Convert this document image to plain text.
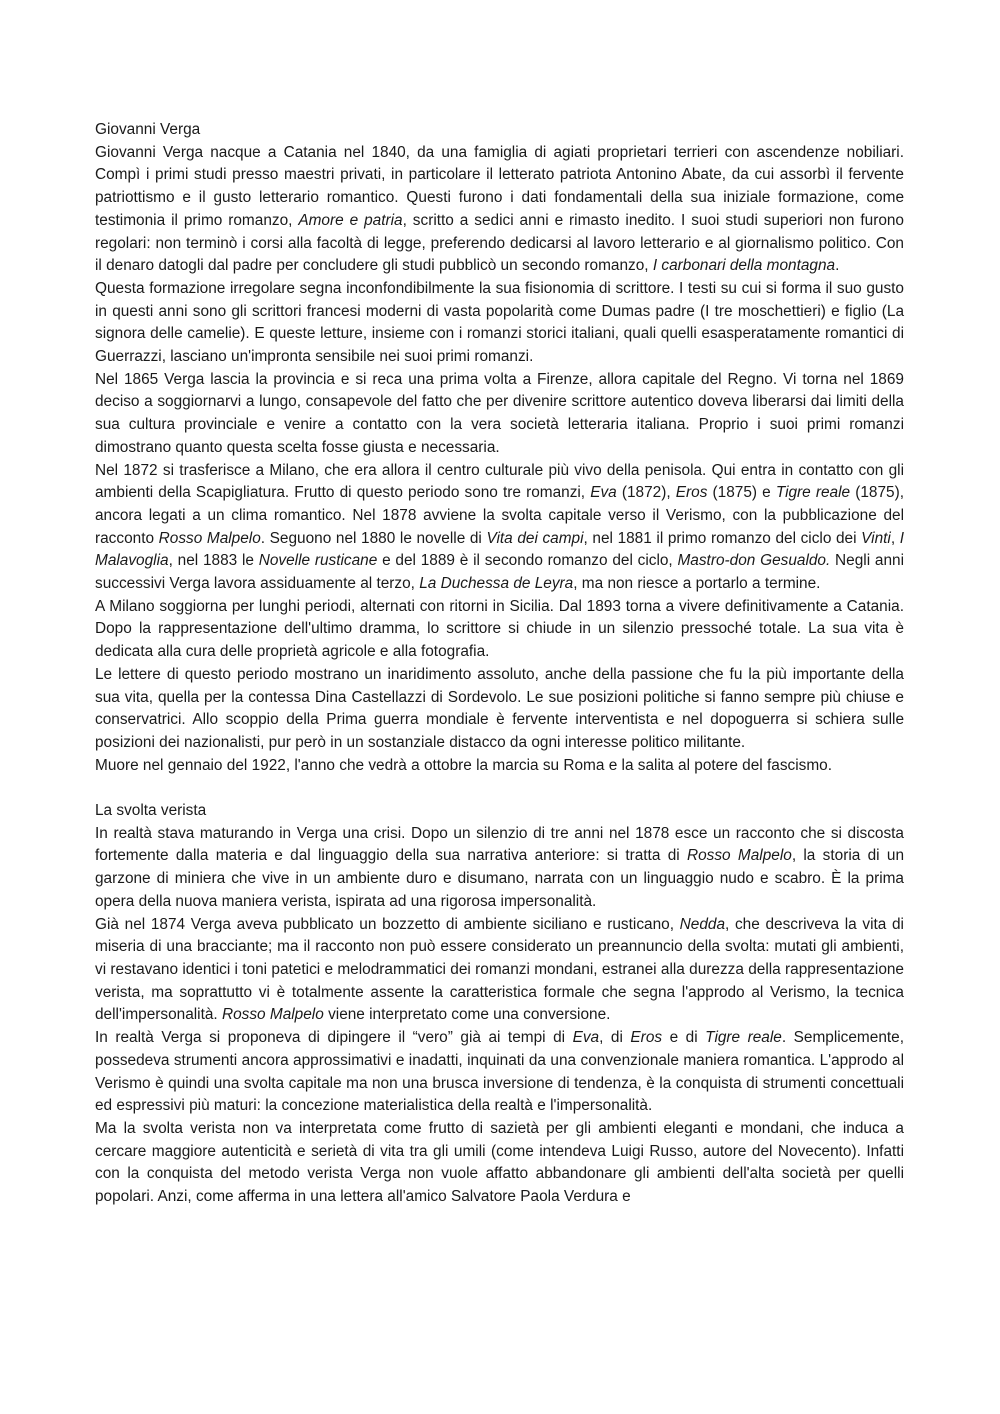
Giovanni Verga

Giovanni Verga nacque a Catania nel 1840, da una famiglia di agiati proprietari terrieri con ascendenze nobiliari. Compì i primi studi presso maestri privati, in particolare il letterato patriota Antonino Abate, da cui assorbì il fervente patriottismo e il gusto letterario romantico. Questi furono i dati fondamentali della sua iniziale formazione, come testimonia il primo romanzo, Amore e patria, scritto a sedici anni e rimasto inedito. I suoi studi superiori non furono regolari: non terminò i corsi alla facoltà di legge, preferendo dedicarsi al lavoro letterario e al giornalismo politico. Con il denaro datogli dal padre per concludere gli studi pubblicò un secondo romanzo, I carbonari della montagna.

Questa formazione irregolare segna inconfondibilmente la sua fisionomia di scrittore. I testi su cui si forma il suo gusto in questi anni sono gli scrittori francesi moderni di vasta popolarità come Dumas padre (I tre moschettieri) e figlio (La signora delle camelie). E queste letture, insieme con i romanzi storici italiani, quali quelli esasperatamente romantici di Guerrazzi, lasciano un'impronta sensibile nei suoi primi romanzi.

Nel 1865 Verga lascia la provincia e si reca una prima volta a Firenze, allora capitale del Regno. Vi torna nel 1869 deciso a soggiornarvi a lungo, consapevole del fatto che per divenire scrittore autentico doveva liberarsi dai limiti della sua cultura provinciale e venire a contatto con la vera società letteraria italiana. Proprio i suoi primi romanzi dimostrano quanto questa scelta fosse giusta e necessaria.

Nel 1872 si trasferisce a Milano, che era allora il centro culturale più vivo della penisola. Qui entra in contatto con gli ambienti della Scapigliatura. Frutto di questo periodo sono tre romanzi, Eva (1872), Eros (1875) e Tigre reale (1875), ancora legati a un clima romantico. Nel 1878 avviene la svolta capitale verso il Verismo, con la pubblicazione del racconto Rosso Malpelo. Seguono nel 1880 le novelle di Vita dei campi, nel 1881 il primo romanzo del ciclo dei Vinti, I Malavoglia, nel 1883 le Novelle rusticane e del 1889 è il secondo romanzo del ciclo, Mastro-don Gesualdo. Negli anni successivi Verga lavora assiduamente al terzo, La Duchessa de Leyra, ma non riesce a portarlo a termine.

A Milano soggiorna per lunghi periodi, alternati con ritorni in Sicilia. Dal 1893 torna a vivere definitivamente a Catania. Dopo la rappresentazione dell'ultimo dramma, lo scrittore si chiude in un silenzio pressoché totale. La sua vita è dedicata alla cura delle proprietà agricole e alla fotografia.

Le lettere di questo periodo mostrano un inaridimento assoluto, anche della passione che fu la più importante della sua vita, quella per la contessa Dina Castellazzi di Sordevolo. Le sue posizioni politiche si fanno sempre più chiuse e conservatrici. Allo scoppio della Prima guerra mondiale è fervente interventista e nel dopoguerra si schiera sulle posizioni dei nazionalisti, pur però in un sostanziale distacco da ogni interesse politico militante.

Muore nel gennaio del 1922, l'anno che vedrà a ottobre la marcia su Roma e la salita al potere del fascismo.

La svolta verista

In realtà stava maturando in Verga una crisi. Dopo un silenzio di tre anni nel 1878 esce un racconto che si discosta fortemente dalla materia e dal linguaggio della sua narrativa anteriore: si tratta di Rosso Malpelo, la storia di un garzone di miniera che vive in un ambiente duro e disumano, narrata con un linguaggio nudo e scabro. È la prima opera della nuova maniera verista, ispirata ad una rigorosa impersonalità.

Già nel 1874 Verga aveva pubblicato un bozzetto di ambiente siciliano e rusticano, Nedda, che descriveva la vita di miseria di una bracciante; ma il racconto non può essere considerato un preannuncio della svolta: mutati gli ambienti, vi restavano identici i toni patetici e melodrammatici dei romanzi mondani, estranei alla durezza della rappresentazione verista, ma soprattutto vi è totalmente assente la caratteristica formale che segna l'approdo al Verismo, la tecnica dell'impersonalità. Rosso Malpelo viene interpretato come una conversione.

In realtà Verga si proponeva di dipingere il “vero” già ai tempi di Eva, di Eros e di Tigre reale. Semplicemente, possedeva strumenti ancora approssimativi e inadatti, inquinati da una convenzionale maniera romantica. L'approdo al Verismo è quindi una svolta capitale ma non una brusca inversione di tendenza, è la conquista di strumenti concettuali ed espressivi più maturi: la concezione materialistica della realtà e l'impersonalità.

Ma la svolta verista non va interpretata come frutto di sazietà per gli ambienti eleganti e mondani, che induca a cercare maggiore autenticità e serietà di vita tra gli umili (come intendeva Luigi Russo, autore del Novecento). Infatti con la conquista del metodo verista Verga non vuole affatto abbandonare gli ambienti dell'alta società per quelli popolari. Anzi, come afferma in una lettera all'amico Salvatore Paola Verdura e
